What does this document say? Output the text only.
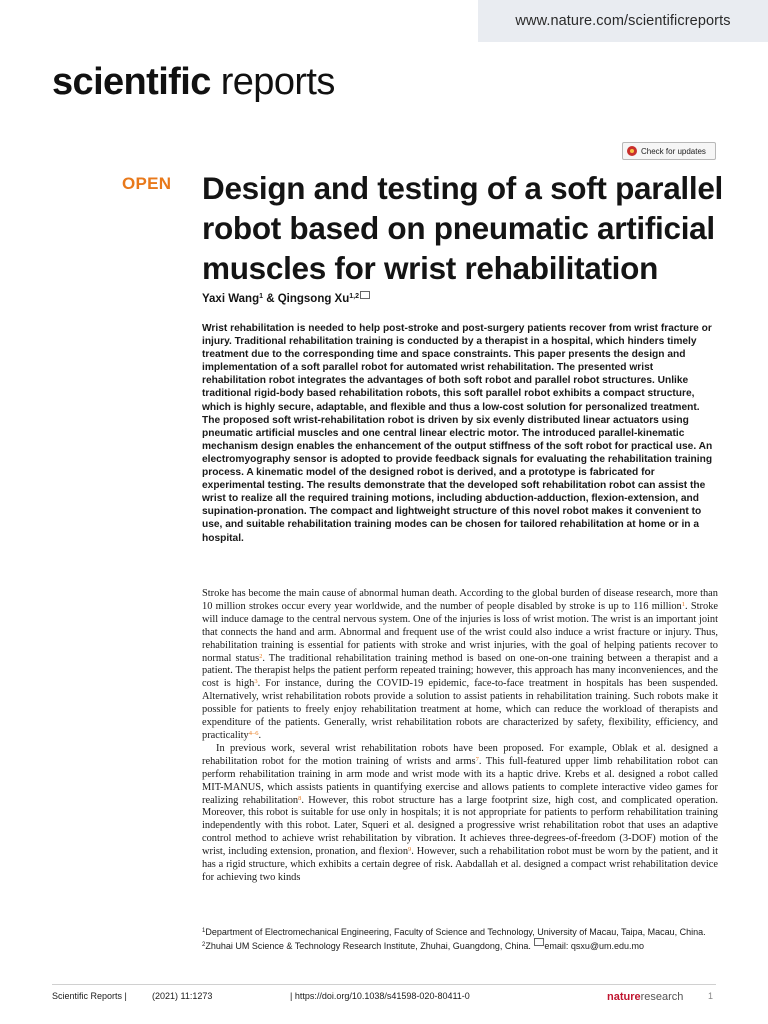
www.nature.com/scientificreports
scientific reports
Check for updates
OPEN Design and testing of a soft parallel robot based on pneumatic artificial muscles for wrist rehabilitation
Yaxi Wang$^1$ & Qingsong Xu$^{1,2}$

Wrist rehabilitation is needed to help post-stroke and post-surgery patients recover from wrist fracture or injury. Traditional rehabilitation training is conducted by a therapist in a hospital, which hinders timely treatment due to the corresponding time and space constraints. This paper presents the design and implementation of a soft parallel robot for automated wrist rehabilitation. The presented wrist rehabilitation robot integrates the advantages of both soft robot and parallel robot structures. Unlike traditional rigid-body based rehabilitation robots, this soft parallel robot exhibits a compact structure, which is highly secure, adaptable, and flexible and thus a low-cost solution for personalized treatment. The proposed soft wrist-rehabilitation robot is driven by six evenly distributed linear actuators using pneumatic artificial muscles and one central linear electric motor. The introduced parallel-kinematic mechanism design enables the enhancement of the output stiffness of the soft robot for practical use. An electromyography sensor is adopted to provide feedback signals for evaluating the rehabilitation training process. A kinematic model of the designed robot is derived, and a prototype is fabricated for experimental testing. The results demonstrate that the developed soft rehabilitation robot can assist the wrist to realize all the required training motions, including abduction-adduction, flexion-extension, and supination-pronation. The compact and lightweight structure of this novel robot makes it convenient to use, and suitable rehabilitation training modes can be chosen for tailored rehabilitation at home or in a hospital.

Stroke has become the main cause of abnormal human death. According to the global burden of disease research, more than 10 million strokes occur every year worldwide, and the number of people disabled by stroke is up to 116 million$^1$. Stroke will induce damage to the central nervous system. One of the injuries is loss of wrist motion. The wrist is an important joint that connects the hand and arm. Abnormal and frequent use of the wrist could also induce a wrist fracture or injury. Thus, rehabilitation training is essential for patients with stroke and wrist injuries, with the goal of helping patients recover to normal status$^2$. The traditional rehabilitation training method is based on one-on-one training between a therapist and a patient. The therapist helps the patient perform repeated training; however, this approach has many inconveniences, and the cost is high$^3$. For instance, during the COVID-19 epidemic, face-to-face treatment in hospitals has been suspended. Alternatively, wrist rehabilitation robots provide a solution to assist patients in rehabilitation training. Such robots make it possible for patients to freely enjoy rehabilitation treatment at home, which can reduce the workload of therapists and expenditure of the patients. Generally, wrist rehabilitation robots are characterized by safety, flexibility, efficiency, and practicality$^{4-6}$.

In previous work, several wrist rehabilitation robots have been proposed. For example, Oblak et al. designed a rehabilitation robot for the motion training of wrists and arms$^7$. This full-featured upper limb rehabilitation robot can perform rehabilitation training in arm mode and wrist mode with its a haptic drive. Krebs et al. designed a robot called MIT-MANUS, which assists patients in quantifying exercise and allows patients to complete interactive video games for realizing rehabilitation$^8$. However, this robot structure has a large footprint size, high cost, and complicated operation. Moreover, this robot is suitable for use only in hospitals; it is not appropriate for patients to perform rehabilitation training independently with this robot. Later, Squeri et al. designed a progressive wrist rehabilitation robot that uses an adaptive control method to achieve wrist rehabilitation by vibration. It achieves three-degrees-of-freedom (3-DOF) motion of the wrist, including extension, pronation, and flexion$^9$. However, such a rehabilitation robot must be worn by the patient, and it has a rigid structure, which exhibits a certain degree of risk. Aabdallah et al. designed a compact wrist rehabilitation device for achieving two kinds

$^1$Department of Electromechanical Engineering, Faculty of Science and Technology, University of Macau, Taipa, Macau, China. $^2$Zhuhai UM Science & Technology Research Institute, Zhuhai, Guangdong, China. email: qsxu@um.edu.mo
Scientific Reports |	(2021) 11:1273	| https://doi.org/10.1038/s41598-020-80411-0	natureresearch	1
